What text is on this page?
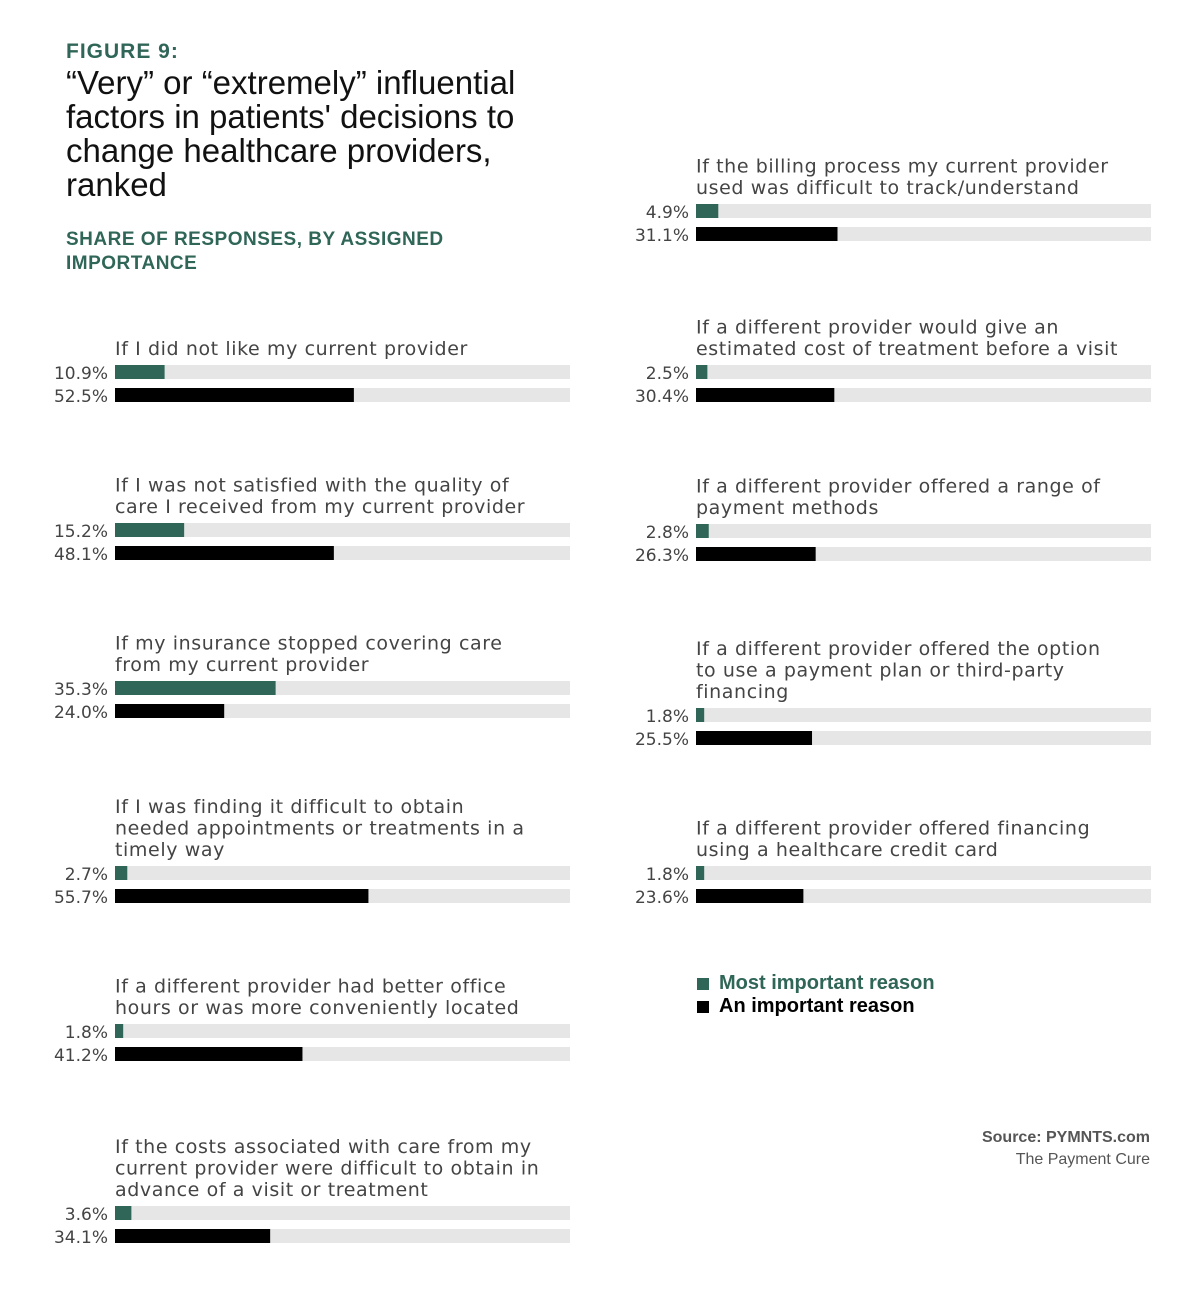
FIGURE 9:
“Very” or “extremely” influential factors in patients' decisions to change healthcare providers, ranked
SHARE OF RESPONSES, BY ASSIGNED IMPORTANCE
If I did not like my current provider
10.9%
52.5%
If I was not satisfied with the quality of care I received from my current provider
15.2%
48.1%
If my insurance stopped covering care from my current provider
35.3%
24.0%
If I was finding it difficult to obtain needed appointments or treatments in a timely way
2.7%
55.7%
If a different provider had better office hours or was more conveniently located
1.8%
41.2%
If the costs associated with care from my current provider were difficult to obtain in advance of a visit or treatment
3.6%
34.1%
If the billing process my current provider used was difficult to track/understand
4.9%
31.1%
If a different provider would give an estimated cost of treatment before a visit
2.5%
30.4%
If a different provider offered a range of payment methods
2.8%
26.3%
If a different provider offered the option to use a payment plan or third-party financing
1.8%
25.5%
If a different provider offered financing using a healthcare credit card
1.8%
23.6%
Most important reason
An important reason
Source: PYMNTS.com
The Payment Cure
